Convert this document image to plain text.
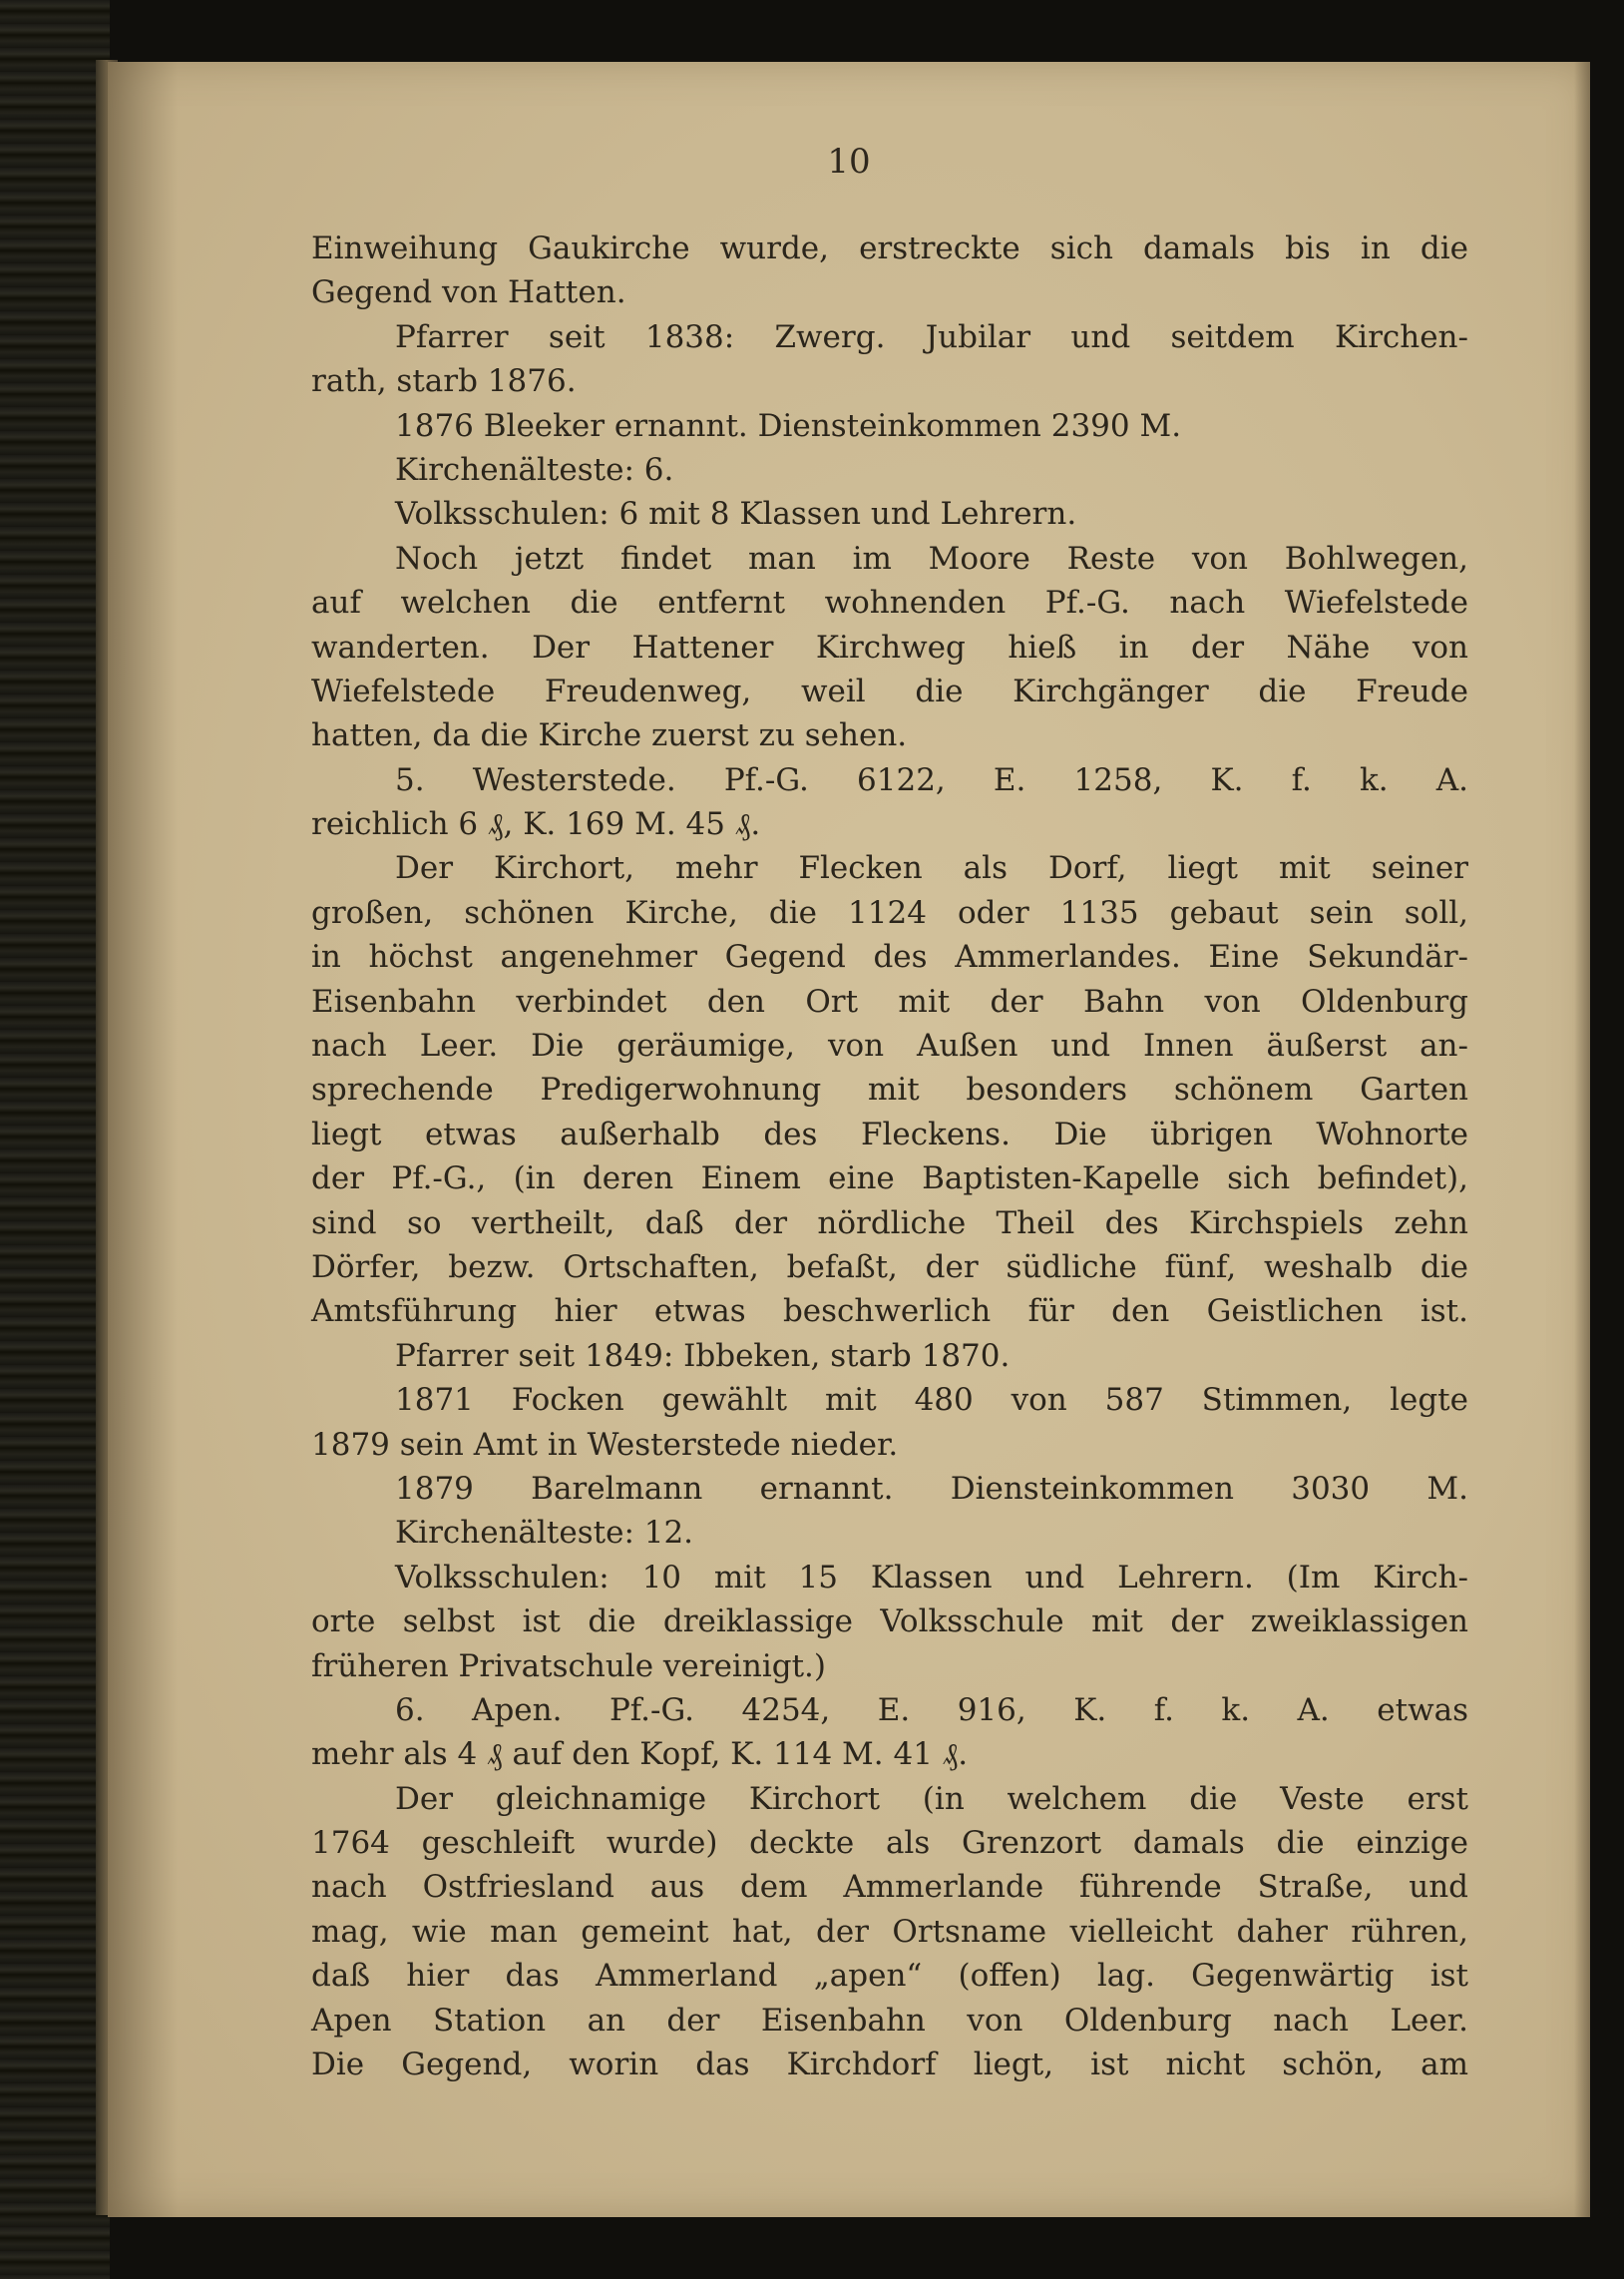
10
Einweihung Gaukirche wurde, erstreckte sich damals bis in die
Gegend von Hatten.
Pfarrer seit 1838: Zwerg. Jubilar und seitdem Kirchen-
rath, starb 1876.
1876 Bleeker ernannt. Diensteinkommen 2390 M.
Kirchenälteste: 6.
Volksschulen: 6 mit 8 Klassen und Lehrern.
Noch jetzt findet man im Moore Reste von Bohlwegen,
auf welchen die entfernt wohnenden Pf.-G. nach Wiefelstede
wanderten. Der Hattener Kirchweg hieß in der Nähe von
Wiefelstede Freudenweg, weil die Kirchgänger die Freude
hatten, da die Kirche zuerst zu sehen.
5. Westerstede. Pf.-G. 6122, E. 1258, K. f. k. A.
reichlich 6 ₰, K. 169 M. 45 ₰.
Der Kirchort, mehr Flecken als Dorf, liegt mit seiner
großen, schönen Kirche, die 1124 oder 1135 gebaut sein soll,
in höchst angenehmer Gegend des Ammerlandes. Eine Sekundär-
Eisenbahn verbindet den Ort mit der Bahn von Oldenburg
nach Leer. Die geräumige, von Außen und Innen äußerst an-
sprechende Predigerwohnung mit besonders schönem Garten
liegt etwas außerhalb des Fleckens. Die übrigen Wohnorte
der Pf.-G., (in deren Einem eine Baptisten-Kapelle sich befindet),
sind so vertheilt, daß der nördliche Theil des Kirchspiels zehn
Dörfer, bezw. Ortschaften, befaßt, der südliche fünf, weshalb die
Amtsführung hier etwas beschwerlich für den Geistlichen ist.
Pfarrer seit 1849: Ibbeken, starb 1870.
1871 Focken gewählt mit 480 von 587 Stimmen, legte
1879 sein Amt in Westerstede nieder.
1879 Barelmann ernannt. Diensteinkommen 3030 M.
Kirchenälteste: 12.
Volksschulen: 10 mit 15 Klassen und Lehrern. (Im Kirch-
orte selbst ist die dreiklassige Volksschule mit der zweiklassigen
früheren Privatschule vereinigt.)
6. Apen. Pf.-G. 4254, E. 916, K. f. k. A. etwas
mehr als 4 ₰ auf den Kopf, K. 114 M. 41 ₰.
Der gleichnamige Kirchort (in welchem die Veste erst
1764 geschleift wurde) deckte als Grenzort damals die einzige
nach Ostfriesland aus dem Ammerlande führende Straße, und
mag, wie man gemeint hat, der Ortsname vielleicht daher rühren,
daß hier das Ammerland „apen“ (offen) lag. Gegenwärtig ist
Apen Station an der Eisenbahn von Oldenburg nach Leer.
Die Gegend, worin das Kirchdorf liegt, ist nicht schön, am
